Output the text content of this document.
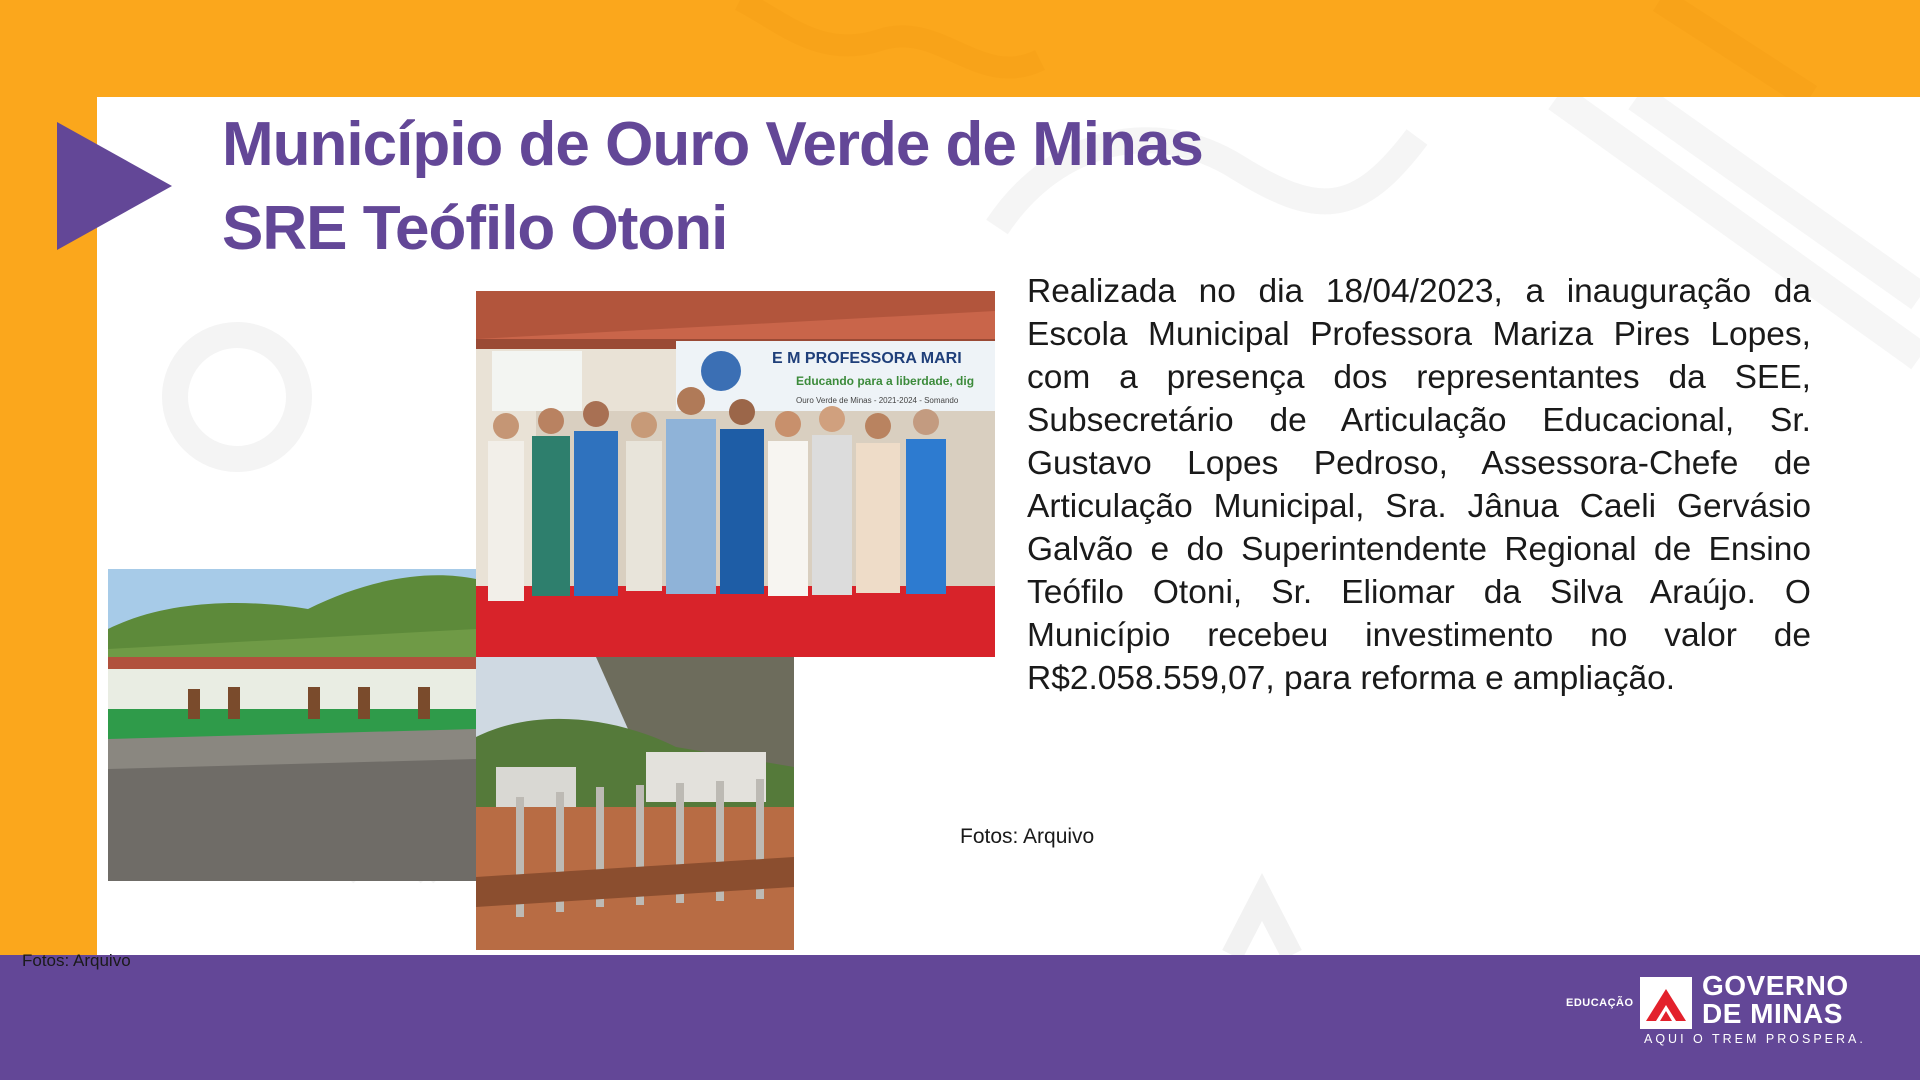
Município de Ouro Verde de Minas
SRE Teófilo Otoni

Realizada no dia 18/04/2023, a inauguração da Escola Municipal Professora Mariza Pires Lopes, com a presença dos representantes da SEE, Subsecretário de Articulação Educacional, Sr. Gustavo Lopes Pedroso, Assessora-Chefe de Articulação Municipal, Sra. Jânua Caeli Gervásio Galvão e do Superintendente Regional de Ensino Teófilo Otoni, Sr. Eliomar da Silva Araújo. O Município recebeu investimento no valor de R$2.058.559,07, para reforma e ampliação.

E M PROFESSORA MARI
Educando para a liberdade, dig
Ouro Verde de Minas - 2021-2024 - Somando
Fotos: Arquivo
Fotos: Arquivo
EDUCAÇÃO
GOVERNO
DE MINAS
AQUI O TREM PROSPERA.
